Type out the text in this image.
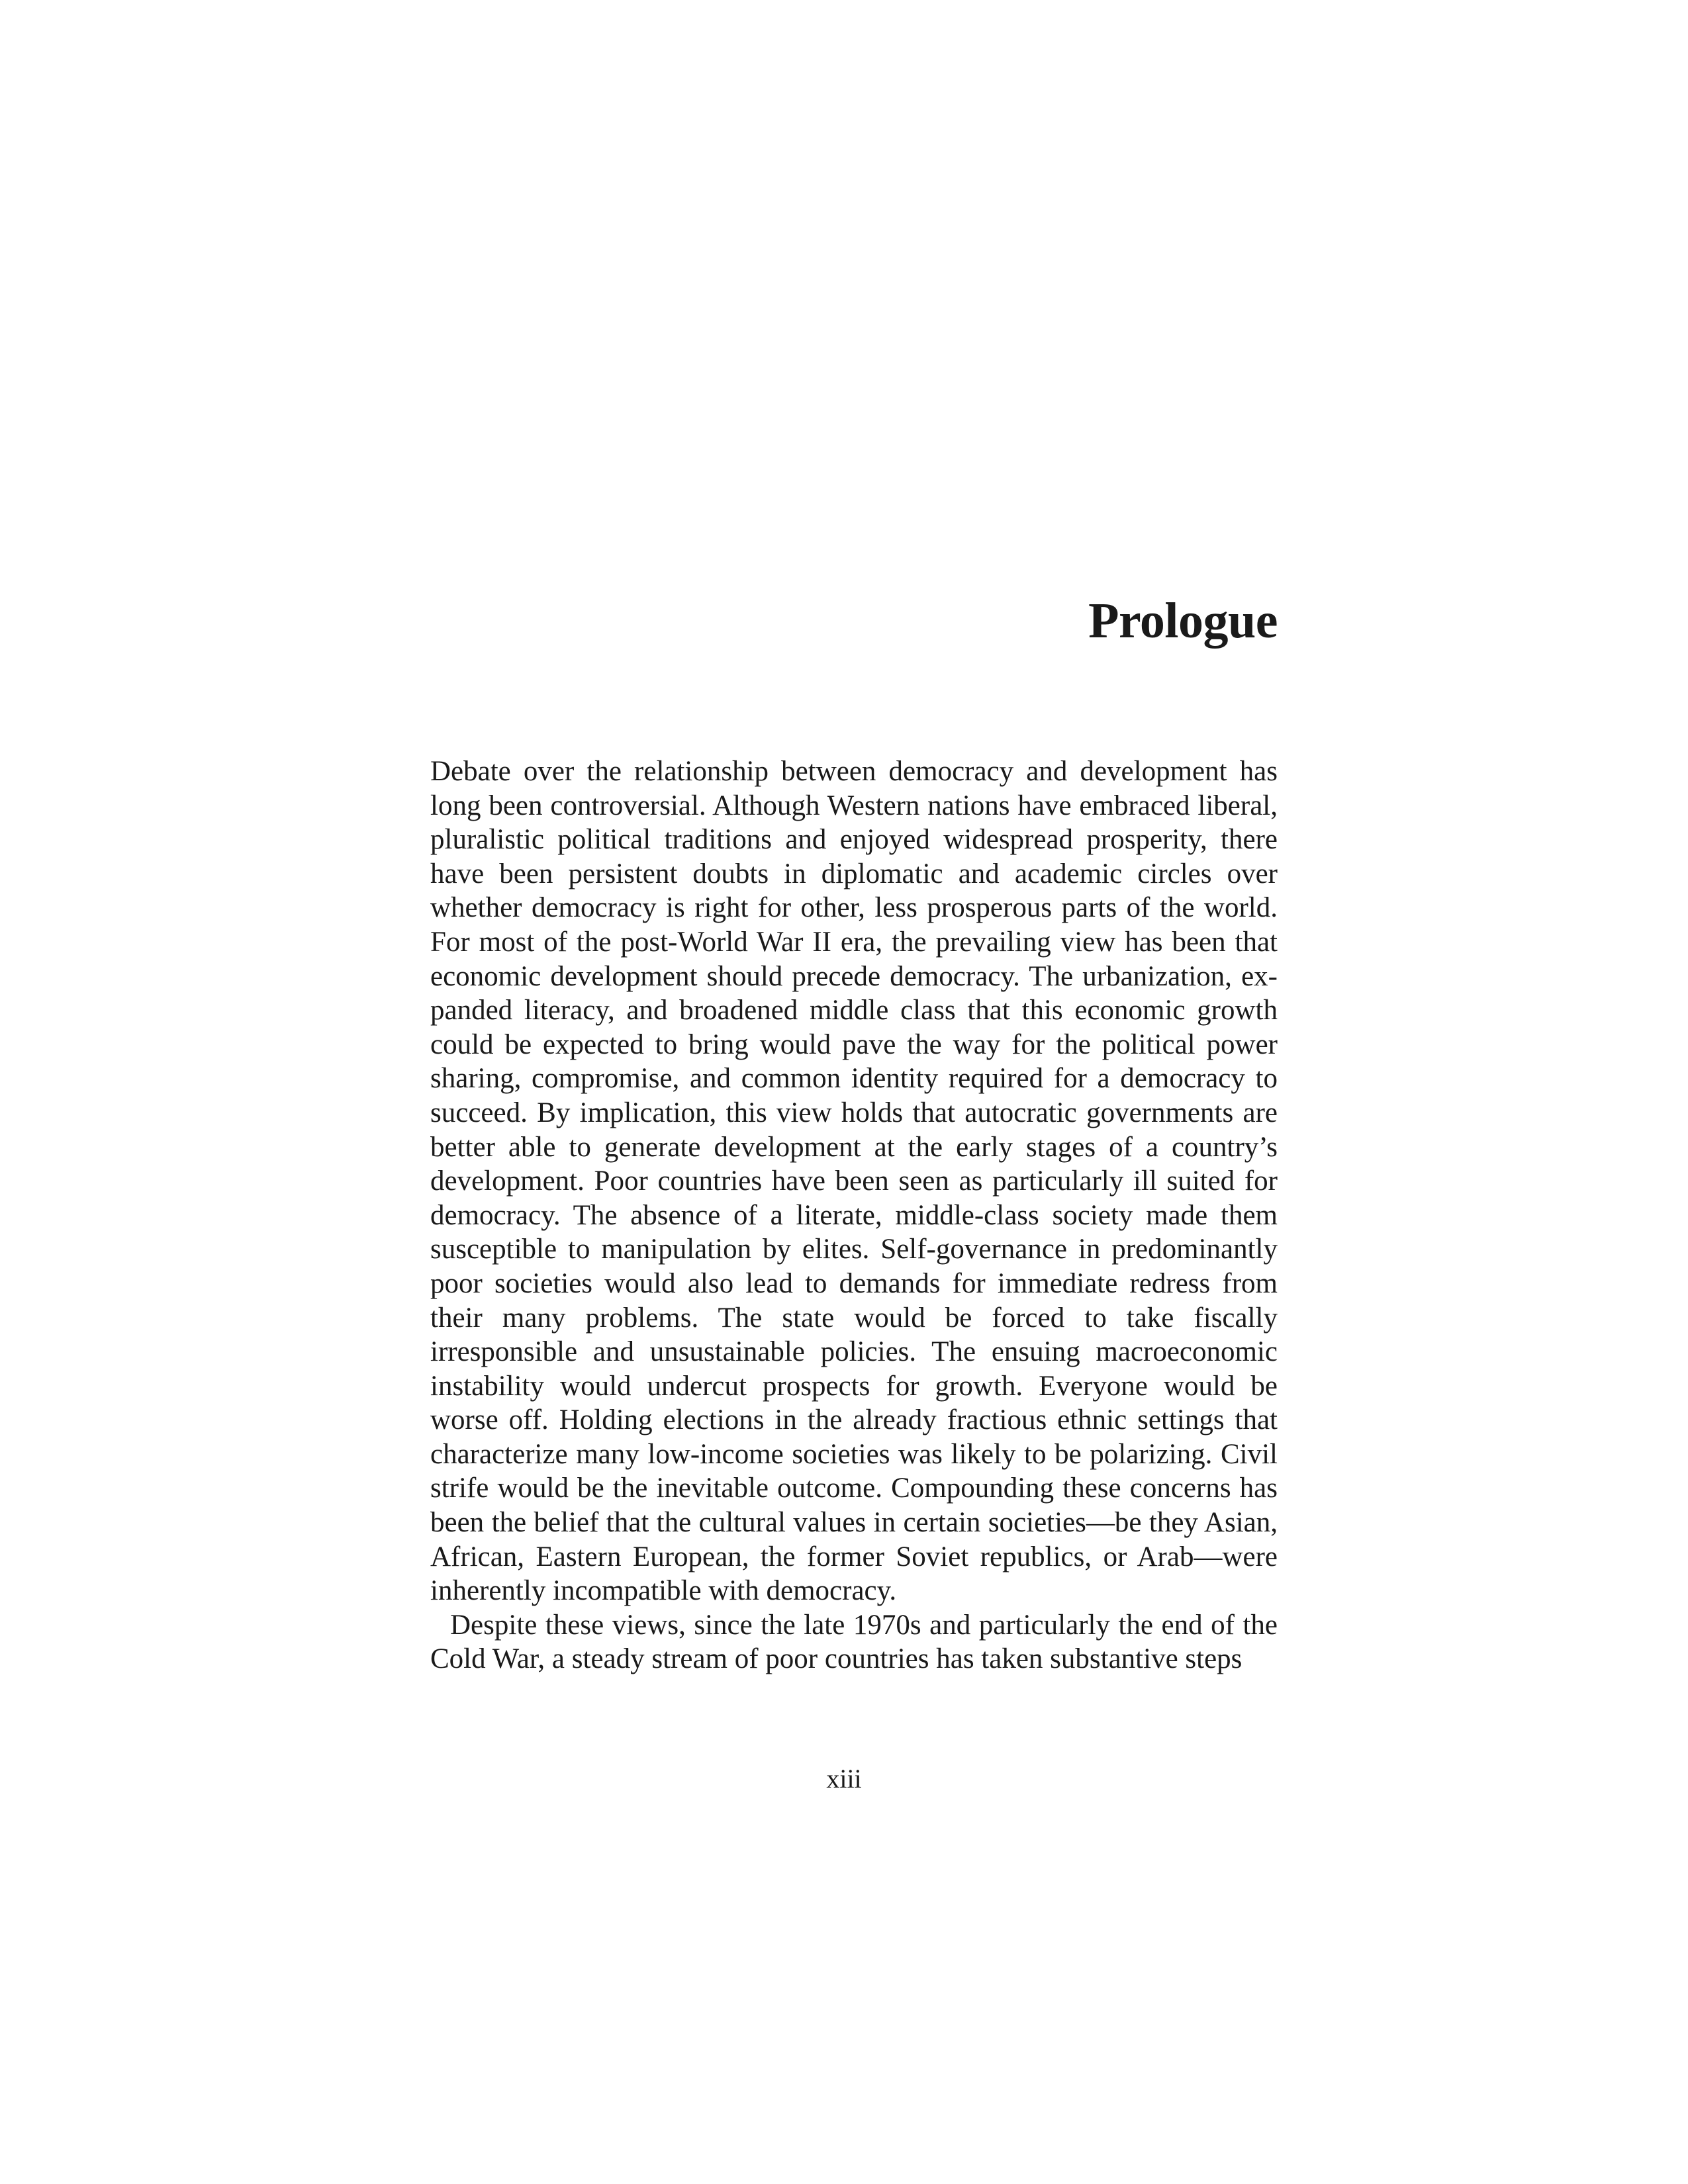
Prologue

Debate over the relationship between democracy and development has long been controversial. Although Western nations have embraced liberal, pluralistic political traditions and enjoyed widespread prosperity, there have been persistent doubts in diplomatic and academic circles over whether democracy is right for other, less prosperous parts of the world. For most of the post-World War II era, the prevailing view has been that economic development should precede democracy. The urbanization, expanded literacy, and broadened middle class that this economic growth could be expected to bring would pave the way for the political power sharing, compromise, and common identity required for a democracy to succeed. By implication, this view holds that autocratic governments are better able to generate development at the early stages of a country’s development. Poor countries have been seen as particularly ill suited for democracy. The absence of a literate, middle-class society made them susceptible to manipulation by elites. Self-governance in predominantly poor societies would also lead to demands for immediate redress from their many problems. The state would be forced to take fiscally irresponsible and unsustainable policies. The ensuing macroeconomic instability would undercut prospects for growth. Everyone would be worse off. Holding elections in the already fractious ethnic settings that characterize many low-income societies was likely to be polarizing. Civil strife would be the inevitable outcome. Compounding these concerns has been the belief that the cultural values in certain societies—be they Asian, African, Eastern European, the former Soviet republics, or Arab—were inherently incompatible with democracy.

Despite these views, since the late 1970s and particularly the end of the Cold War, a steady stream of poor countries has taken substantive steps

xiii
